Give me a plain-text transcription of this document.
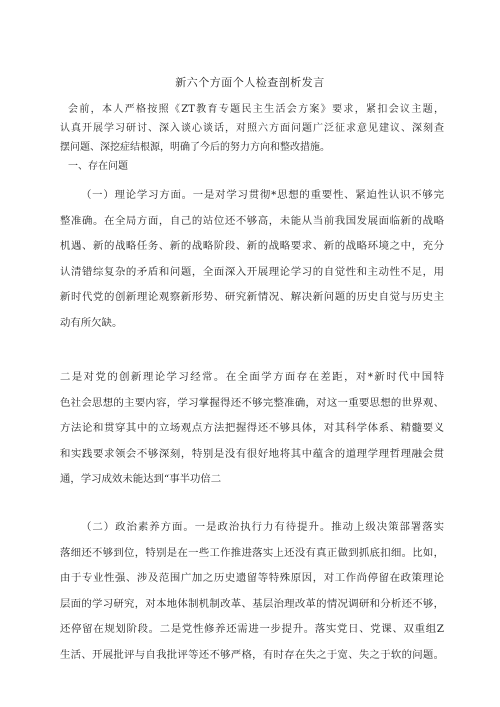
新六个方面个人检查剖析发言
会前，本人严格按照《ZT教育专题民主生活会方案》要求，紧扣会议主题，
认真开展学习研讨、深入谈心谈话，对照六方面问题广泛征求意见建议、深刻查
摆问题、深挖症结根源，明确了今后的努力方向和整改措施。
一、存在问题
（一）理论学习方面。一是对学习贯彻*思想的重要性、紧迫性认识不够完
整准确。在全局方面，自己的站位还不够高，未能从当前我国发展面临新的战略
机遇、新的战略任务、新的战略阶段、新的战略要求、新的战略环境之中，充分
认清错综复杂的矛盾和问题，全面深入开展理论学习的自觉性和主动性不足，用
新时代党的创新理论观察新形势、研究新情况、解决新问题的历史自觉与历史主
动有所欠缺。
二是对党的创新理论学习经常。在全面学方面存在差距，对*新时代中国特
色社会思想的主要内容，学习掌握得还不够完整准确，对这一重要思想的世界观、
方法论和贯穿其中的立场观点方法把握得还不够具体，对其科学体系、精髓要义
和实践要求领会不够深刻，特别是没有很好地将其中蕴含的道理学理哲理融会贯
通，学习成效未能达到“事半功倍二
（二）政治素养方面。一是政治执行力有待提升。推动上级决策部署落实
落细还不够到位，特别是在一些工作推进落实上还没有真正做到抓底扣细。比如，
由于专业性强、涉及范围广加之历史遗留等特殊原因，对工作尚停留在政策理论
层面的学习研究，对本地体制机制改革、基层治理改革的情况调研和分析还不够，
还停留在规划阶段。二是党性修养还需进一步提升。落实党日、党课、双重组Z
生活、开展批评与自我批评等还不够严格，有时存在失之于宽、失之于软的问题。
